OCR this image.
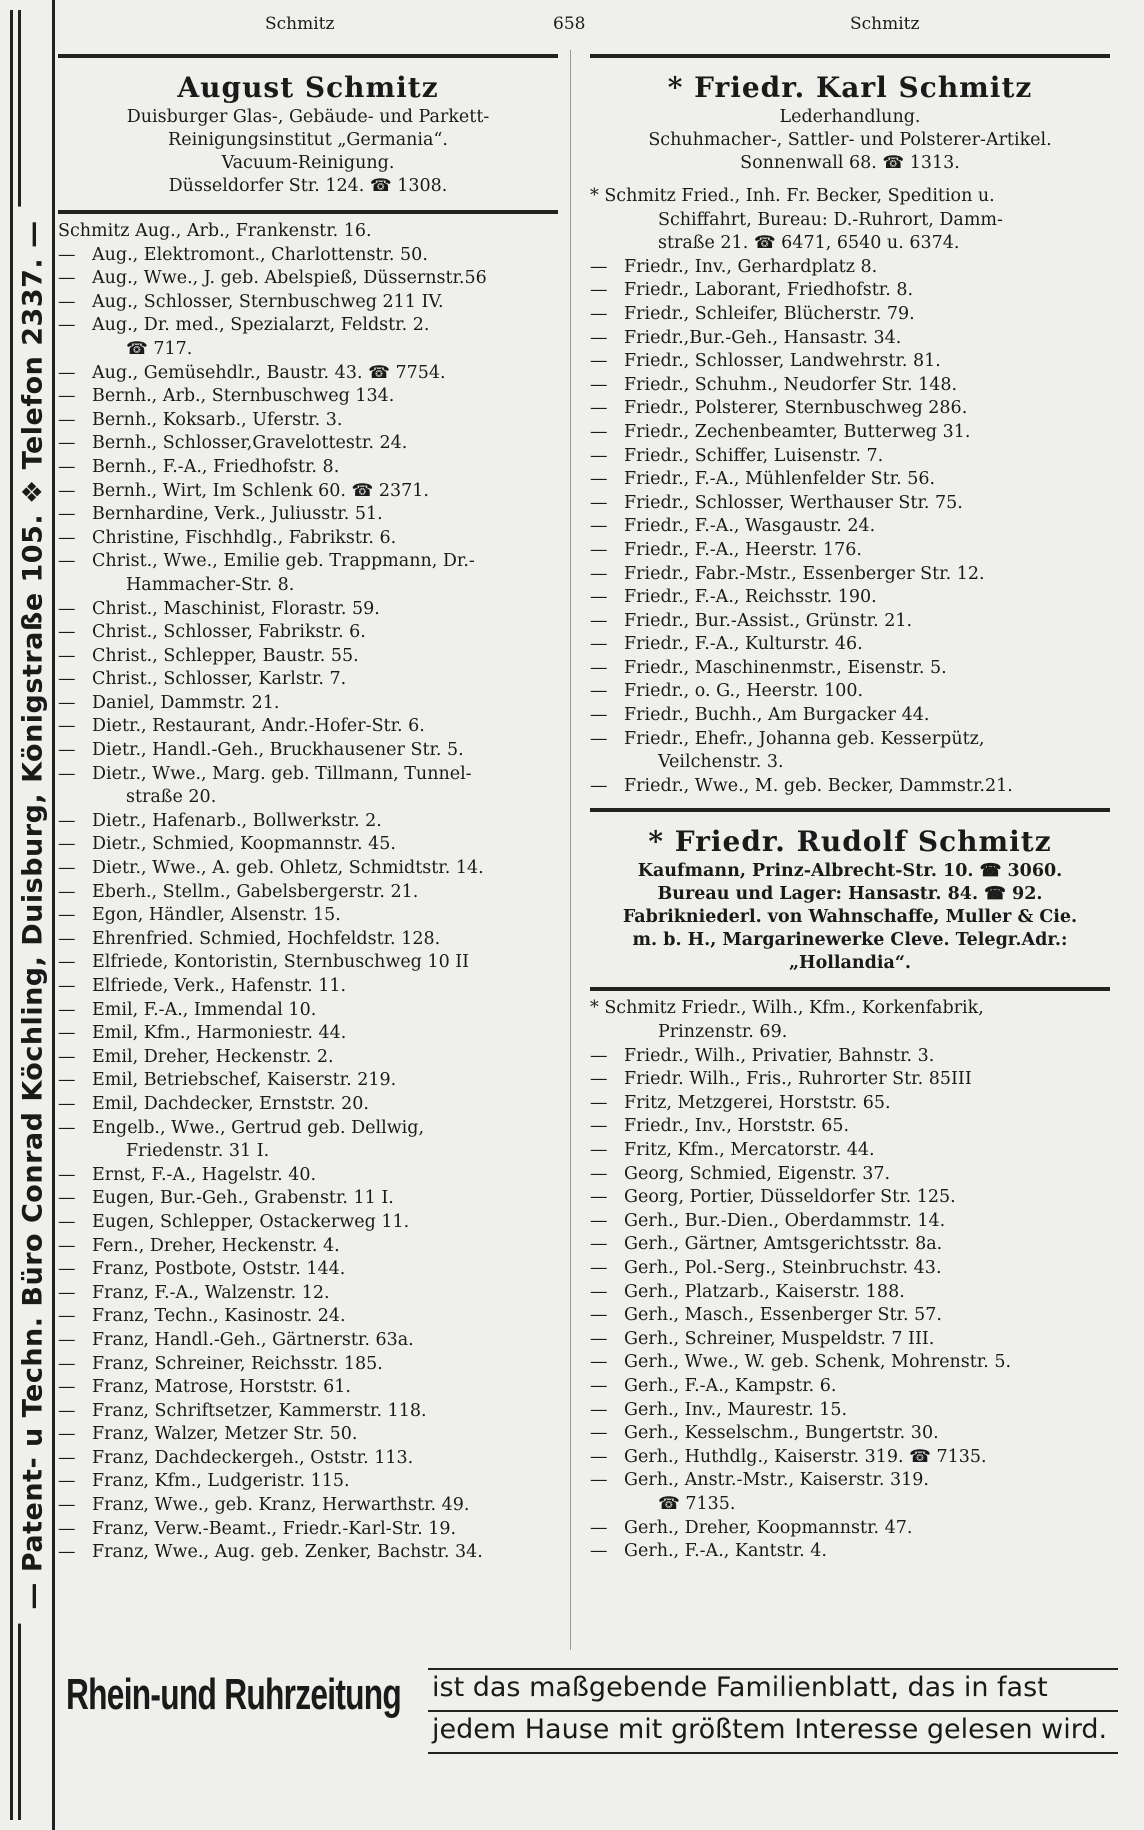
— Patent- u Techn. Büro Conrad Köchling, Duisburg, Königstraße 105. ❖ Telefon 2337. —
Schmitz	658	Schmitz
August Schmitz
Duisburger Glas-, Gebäude- und Parkett-
Reinigungsinstitut „Germania“.
Vacuum-Reinigung.
Düsseldorfer Str. 124. ☎ 1308.
Schmitz Aug., Arb., Frankenstr. 16.
— Aug., Elektromont., Charlottenstr. 50.
— Aug., Wwe., J. geb. Abelspieß, Düssernstr.56
— Aug., Schlosser, Sternbuschweg 211 IV.
— Aug., Dr. med., Spezialarzt, Feldstr. 2.
☎ 717.
— Aug., Gemüsehdlr., Baustr. 43. ☎ 7754.
— Bernh., Arb., Sternbuschweg 134.
— Bernh., Koksarb., Uferstr. 3.
— Bernh., Schlosser,Gravelottestr. 24.
— Bernh., F.-A., Friedhofstr. 8.
— Bernh., Wirt, Im Schlenk 60. ☎ 2371.
— Bernhardine, Verk., Juliusstr. 51.
— Christine, Fischhdlg., Fabrikstr. 6.
— Christ., Wwe., Emilie geb. Trappmann, Dr.-
Hammacher-Str. 8.
— Christ., Maschinist, Florastr. 59.
— Christ., Schlosser, Fabrikstr. 6.
— Christ., Schlepper, Baustr. 55.
— Christ., Schlosser, Karlstr. 7.
— Daniel, Dammstr. 21.
— Dietr., Restaurant, Andr.-Hofer-Str. 6.
— Dietr., Handl.-Geh., Bruckhausener Str. 5.
— Dietr., Wwe., Marg. geb. Tillmann, Tunnel-
straße 20.
— Dietr., Hafenarb., Bollwerkstr. 2.
— Dietr., Schmied, Koopmannstr. 45.
— Dietr., Wwe., A. geb. Ohletz, Schmidtstr. 14.
— Eberh., Stellm., Gabelsbergerstr. 21.
— Egon, Händler, Alsenstr. 15.
— Ehrenfried. Schmied, Hochfeldstr. 128.
— Elfriede, Kontoristin, Sternbuschweg 10 II
— Elfriede, Verk., Hafenstr. 11.
— Emil, F.-A., Immendal 10.
— Emil, Kfm., Harmoniestr. 44.
— Emil, Dreher, Heckenstr. 2.
— Emil, Betriebschef, Kaiserstr. 219.
— Emil, Dachdecker, Ernststr. 20.
— Engelb., Wwe., Gertrud geb. Dellwig,
Friedenstr. 31 I.
— Ernst, F.-A., Hagelstr. 40.
— Eugen, Bur.-Geh., Grabenstr. 11 I.
— Eugen, Schlepper, Ostackerweg 11.
— Fern., Dreher, Heckenstr. 4.
— Franz, Postbote, Oststr. 144.
— Franz, F.-A., Walzenstr. 12.
— Franz, Techn., Kasinostr. 24.
— Franz, Handl.-Geh., Gärtnerstr. 63a.
— Franz, Schreiner, Reichsstr. 185.
— Franz, Matrose, Horststr. 61.
— Franz, Schriftsetzer, Kammerstr. 118.
— Franz, Walzer, Metzer Str. 50.
— Franz, Dachdeckergeh., Oststr. 113.
— Franz, Kfm., Ludgeristr. 115.
— Franz, Wwe., geb. Kranz, Herwarthstr. 49.
— Franz, Verw.-Beamt., Friedr.-Karl-Str. 19.
— Franz, Wwe., Aug. geb. Zenker, Bachstr. 34.
* Friedr. Karl Schmitz
Lederhandlung.
Schuhmacher-, Sattler- und Polsterer-Artikel.
Sonnenwall 68. ☎ 1313.
* Schmitz Fried., Inh. Fr. Becker, Spedition u.
Schiffahrt, Bureau: D.-Ruhrort, Damm-
straße 21. ☎ 6471, 6540 u. 6374.
— Friedr., Inv., Gerhardplatz 8.
— Friedr., Laborant, Friedhofstr. 8.
— Friedr., Schleifer, Blücherstr. 79.
— Friedr.,Bur.-Geh., Hansastr. 34.
— Friedr., Schlosser, Landwehrstr. 81.
— Friedr., Schuhm., Neudorfer Str. 148.
— Friedr., Polsterer, Sternbuschweg 286.
— Friedr., Zechenbeamter, Butterweg 31.
— Friedr., Schiffer, Luisenstr. 7.
— Friedr., F.-A., Mühlenfelder Str. 56.
— Friedr., Schlosser, Werthauser Str. 75.
— Friedr., F.-A., Wasgaustr. 24.
— Friedr., F.-A., Heerstr. 176.
— Friedr., Fabr.-Mstr., Essenberger Str. 12.
— Friedr., F.-A., Reichsstr. 190.
— Friedr., Bur.-Assist., Grünstr. 21.
— Friedr., F.-A., Kulturstr. 46.
— Friedr., Maschinenmstr., Eisenstr. 5.
— Friedr., o. G., Heerstr. 100.
— Friedr., Buchh., Am Burgacker 44.
— Friedr., Ehefr., Johanna geb. Kesserpütz,
Veilchenstr. 3.
— Friedr., Wwe., M. geb. Becker, Dammstr.21.
* Friedr. Rudolf Schmitz
Kaufmann, Prinz-Albrecht-Str. 10. ☎ 3060.
Bureau und Lager: Hansastr. 84. ☎ 92.
Fabrikniederl. von Wahnschaffe, Muller & Cie.
m. b. H., Margarinewerke Cleve. Telegr.Adr.:
„Hollandia“.
* Schmitz Friedr., Wilh., Kfm., Korkenfabrik,
Prinzenstr. 69.
— Friedr., Wilh., Privatier, Bahnstr. 3.
— Friedr. Wilh., Fris., Ruhrorter Str. 85III
— Fritz, Metzgerei, Horststr. 65.
— Friedr., Inv., Horststr. 65.
— Fritz, Kfm., Mercatorstr. 44.
— Georg, Schmied, Eigenstr. 37.
— Georg, Portier, Düsseldorfer Str. 125.
— Gerh., Bur.-Dien., Oberdammstr. 14.
— Gerh., Gärtner, Amtsgerichtsstr. 8a.
— Gerh., Pol.-Serg., Steinbruchstr. 43.
— Gerh., Platzarb., Kaiserstr. 188.
— Gerh., Masch., Essenberger Str. 57.
— Gerh., Schreiner, Muspeldstr. 7 III.
— Gerh., Wwe., W. geb. Schenk, Mohrenstr. 5.
— Gerh., F.-A., Kampstr. 6.
— Gerh., Inv., Maurestr. 15.
— Gerh., Kesselschm., Bungertstr. 30.
— Gerh., Huthdlg., Kaiserstr. 319. ☎ 7135.
— Gerh., Anstr.-Mstr., Kaiserstr. 319.
☎ 7135.
— Gerh., Dreher, Koopmannstr. 47.
— Gerh., F.-A., Kantstr. 4.
Rhein-und Ruhrzeitung ist das maßgebende Familienblatt, das in fast
jedem Hause mit größtem Interesse gelesen wird.
